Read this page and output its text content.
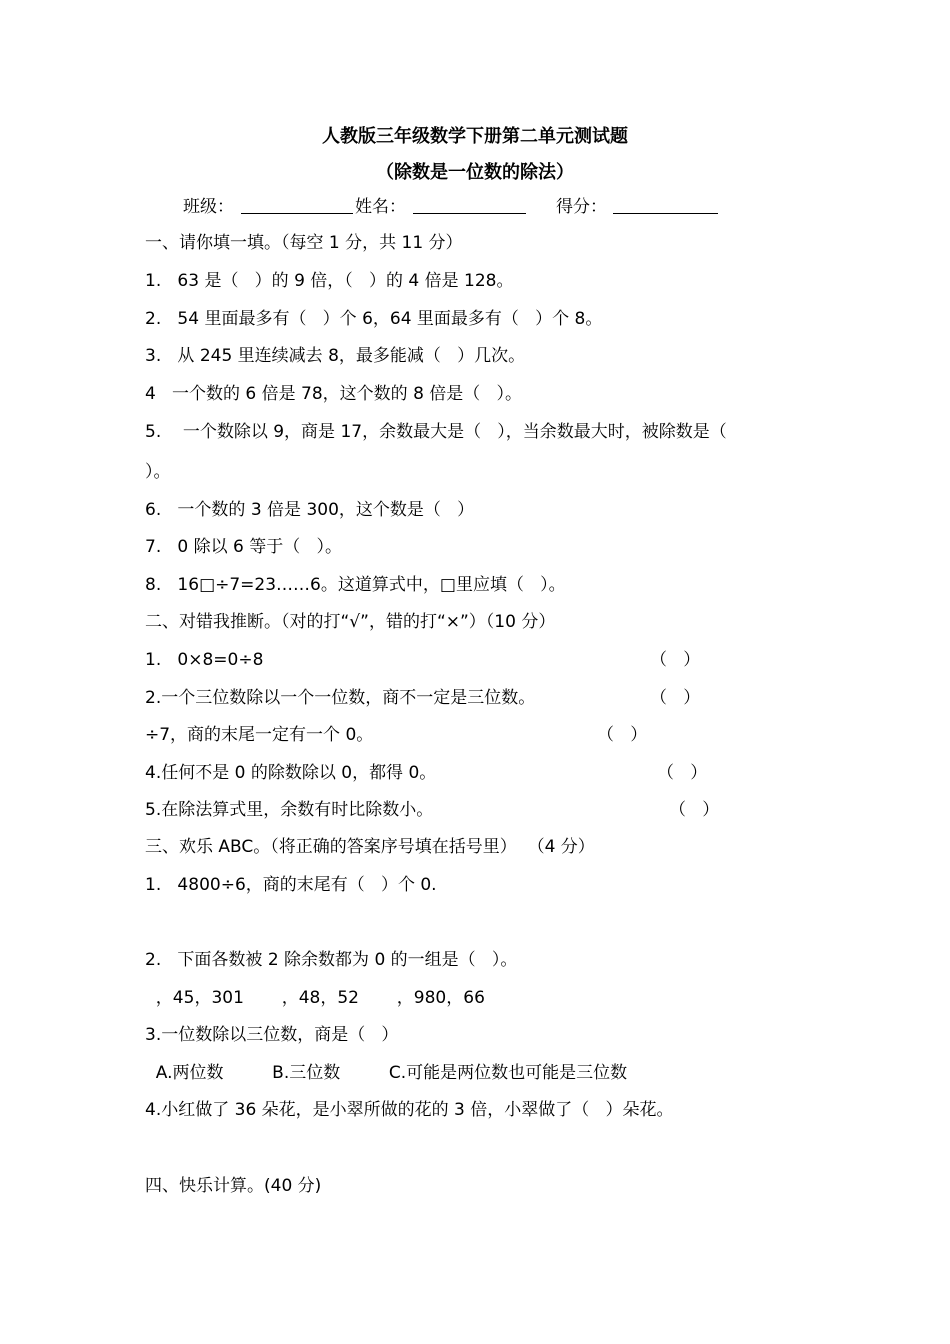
人教版三年级数学下册第二单元测试题
（除数是一位数的除法）
班级：	姓名：	得分：
一、请你填一填。（每空 1 分，共 11 分）
1.   63 是（   ）的 9 倍，（   ）的 4 倍是 128。
2.   54 里面最多有（   ）个 6，64 里面最多有（   ）个 8。
3.   从 245 里连续减去 8，最多能减（   ）几次。
4   一个数的 6 倍是 78，这个数的 8 倍是（   ）。
5.    一个数除以 9，商是 17，余数最大是（   ），当余数最大时，被除数是（
）。
6.   一个数的 3 倍是 300，这个数是（   ）
7.   0 除以 6 等于（   ）。
8.   16□÷7=23……6。这道算式中，□里应填（   ）。
二、对错我推断。（对的打“√”，错的打“×”）（10 分）
1.   0×8=0÷8	（   ）
2.一个三位数除以一个一位数，商不一定是三位数。	（   ）
÷7，商的末尾一定有一个 0。	（   ）
4.任何不是 0 的除数除以 0，都得 0。	（   ）
5.在除法算式里，余数有时比除数小。	（   ）
三、欢乐 ABC。（将正确的答案序号填在括号里）  （4 分）
1.   4800÷6，商的末尾有（   ）个 0.
2.   下面各数被 2 除余数都为 0 的一组是（   ）。
，45，301       ，48，52       ，980，66
3.一位数除以三位数，商是（   ）
A.两位数         B.三位数         C.可能是两位数也可能是三位数
4.小红做了 36 朵花，是小翠所做的花的 3 倍，小翠做了（   ）朵花。
四、快乐计算。(40 分)
